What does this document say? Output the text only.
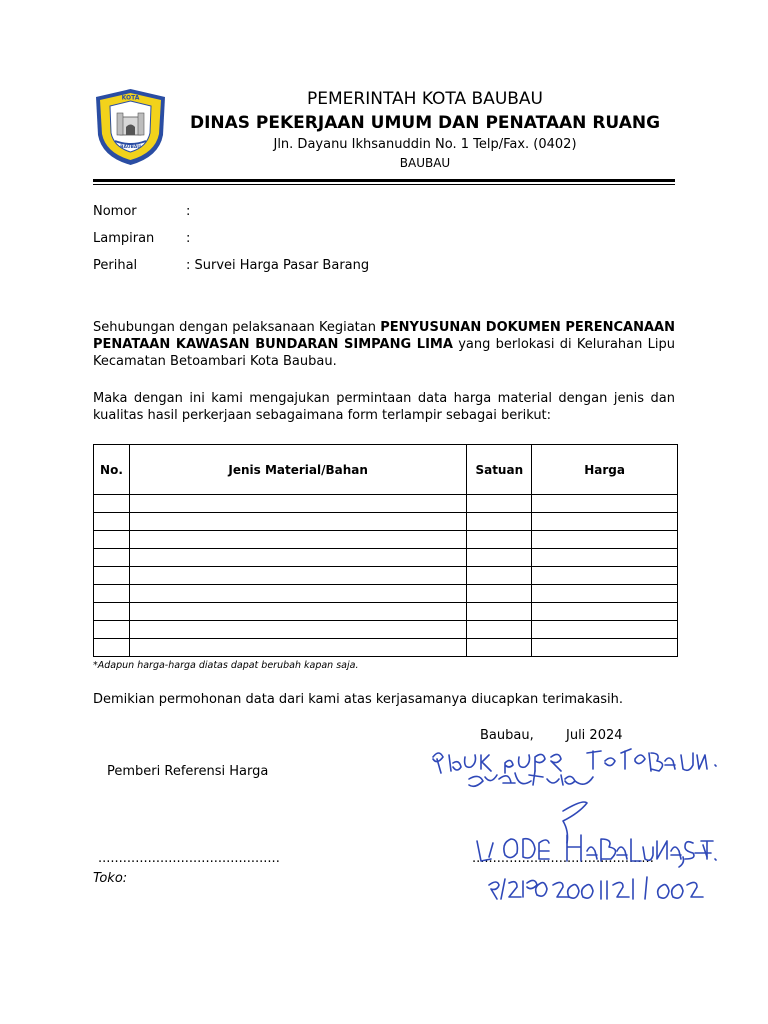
KOTA
BAUBAU
PEMERINTAH KOTA BAUBAU
DINAS PEKERJAAN UMUM DAN PENATAAN RUANG
Jln. Dayanu Ikhsanuddin No. 1 Telp/Fax. (0402)
BAUBAU
Nomor	:
Lampiran :
Perihal	: Survei Harga Pasar Barang
Sehubungan dengan pelaksanaan Kegiatan PENYUSUNAN DOKUMEN PERENCANAAN PENATAAN KAWASAN BUNDARAN SIMPANG LIMA yang berlokasi di Kelurahan Lipu Kecamatan Betoambari Kota Baubau.
Maka dengan ini kami mengajukan permintaan data harga material dengan jenis dan kualitas hasil perkerjaan sebagaimana form terlampir sebagai berikut:
No.	Jenis Material/Bahan	Satuan	Harga

*Adapun harga-harga diatas dapat berubah kapan saja.
Demikian permohonan data dari kami atas kerjasamanya diucapkan terimakasih.
Baubau, Juli 2024
Pemberi Referensi Harga
............................................
Toko:
............................................
